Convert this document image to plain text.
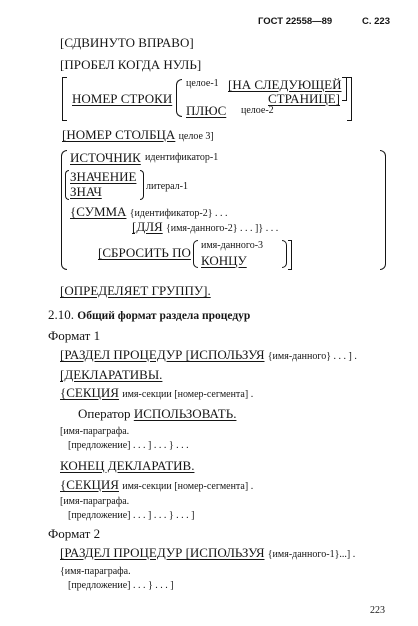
ГОСТ 22558—89	С. 223
[СДВИНУТО ВПРАВО]
[ПРОБЕЛ КОГДА НУЛЬ]
НОМЕР СТРОКИ
целое-1 [НА СЛЕДУЮЩЕЙ
СТРАНИЦЕ]
ПЛЮС целое-2
[НОМЕР СТОЛБЦА целое 3]
ИСТОЧНИК идентификатор-1
ЗНАЧЕНИЕ
ЗНАЧ	литерал-1
{СУММА {идентификатор-2} . . .
[ДЛЯ {имя-данного-2} . . . ]} . . .
[СБРОСИТЬ ПО имя-данного-3
КОНЦУ
[ОПРЕДЕЛЯЕТ ГРУППУ].
2.10. Общий формат раздела процедур
Формат 1
[РАЗДЕЛ ПРОЦЕДУР [ИСПОЛЬЗУЯ {имя-данного} . . . ] .
[ДЕКЛАРАТИВЫ.
{СЕКЦИЯ имя-секции [номер-сегмента] .
Оператор ИСПОЛЬЗОВАТЬ.
[имя-параграфа.
[предложение] . . . ] . . . } . . .
КОНЕЦ ДЕКЛАРАТИВ.
{СЕКЦИЯ имя-секции [номер-сегмента] .
[имя-параграфа.
[предложение] . . . ] . . . } . . . ]
Формат 2
[РАЗДЕЛ ПРОЦЕДУР [ИСПОЛЬЗУЯ {имя-данного-1}...] .
{имя-параграфа.
[предложение] . . . } . . . ]
223
